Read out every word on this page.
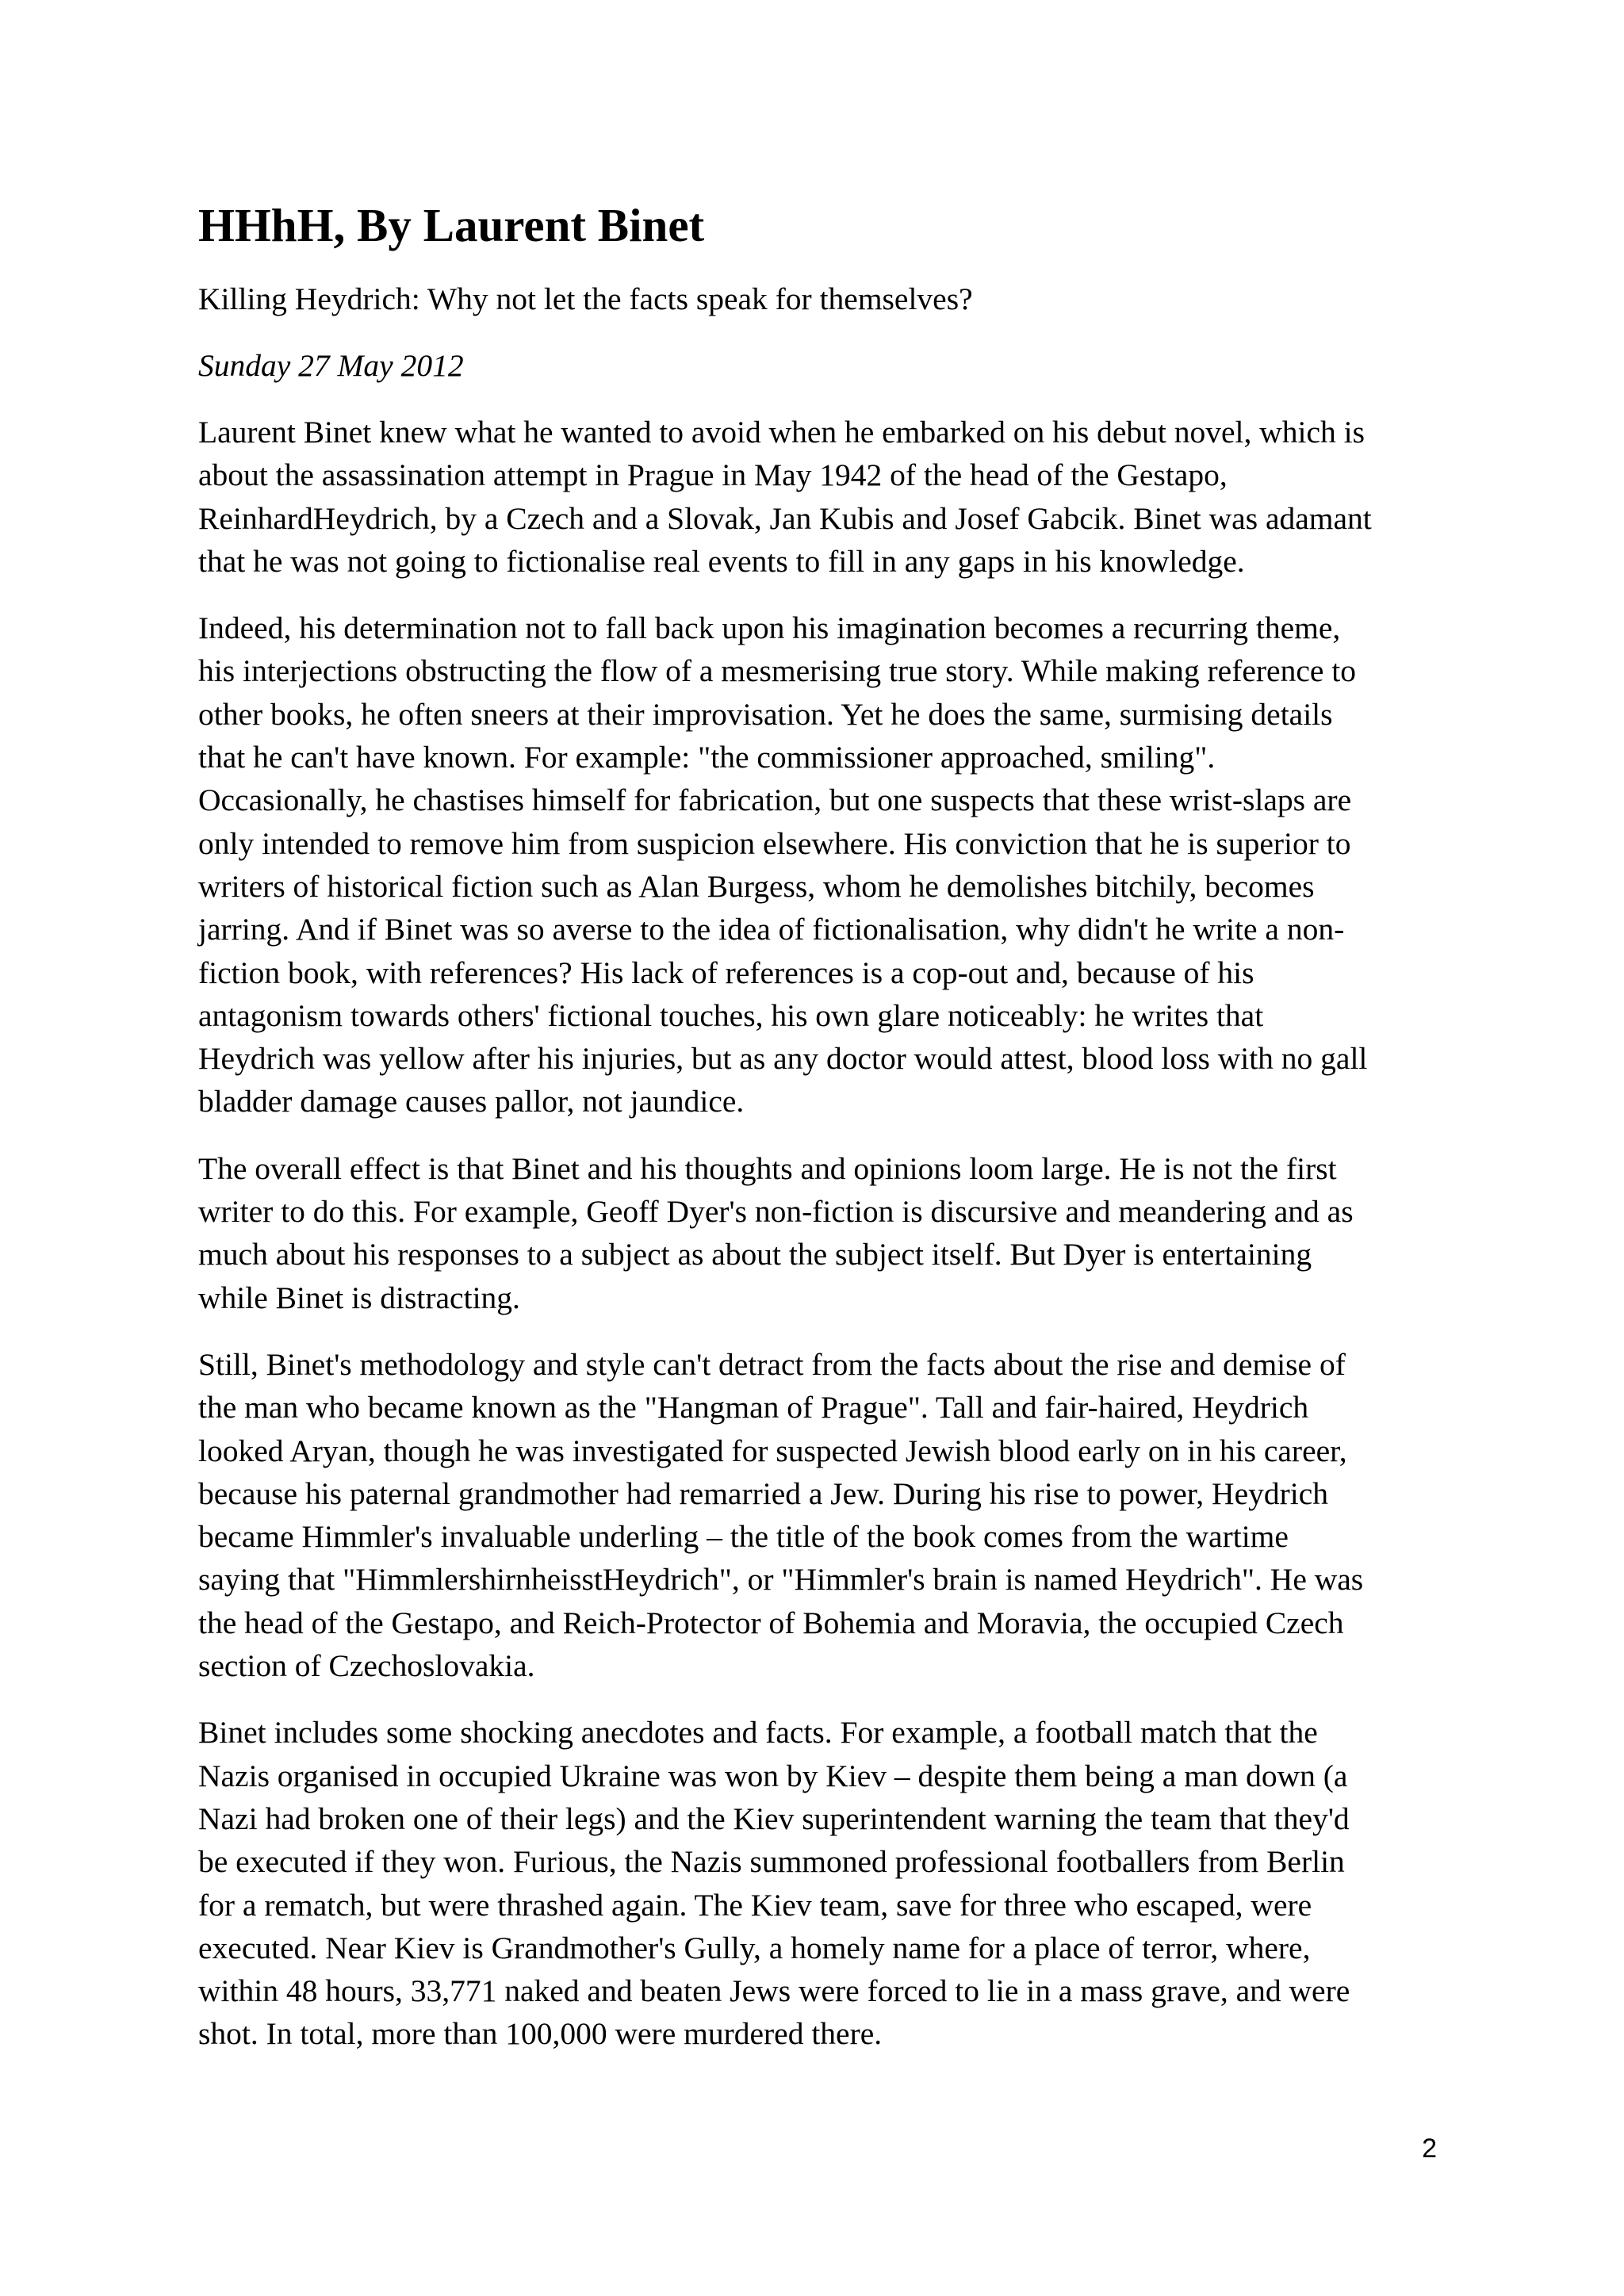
HHhH, By Laurent Binet

Killing Heydrich: Why not let the facts speak for themselves?

Sunday 27 May 2012

Laurent Binet knew what he wanted to avoid when he embarked on his debut novel, which is
about the assassination attempt in Prague in May 1942 of the head of the Gestapo,
ReinhardHeydrich, by a Czech and a Slovak, Jan Kubis and Josef Gabcik. Binet was adamant
that he was not going to fictionalise real events to fill in any gaps in his knowledge.

Indeed, his determination not to fall back upon his imagination becomes a recurring theme,
his interjections obstructing the flow of a mesmerising true story. While making reference to
other books, he often sneers at their improvisation. Yet he does the same, surmising details
that he can't have known. For example: "the commissioner approached, smiling".
Occasionally, he chastises himself for fabrication, but one suspects that these wrist-slaps are
only intended to remove him from suspicion elsewhere. His conviction that he is superior to
writers of historical fiction such as Alan Burgess, whom he demolishes bitchily, becomes
jarring. And if Binet was so averse to the idea of fictionalisation, why didn't he write a non-
fiction book, with references? His lack of references is a cop-out and, because of his
antagonism towards others' fictional touches, his own glare noticeably: he writes that
Heydrich was yellow after his injuries, but as any doctor would attest, blood loss with no gall
bladder damage causes pallor, not jaundice.

The overall effect is that Binet and his thoughts and opinions loom large. He is not the first
writer to do this. For example, Geoff Dyer's non-fiction is discursive and meandering and as
much about his responses to a subject as about the subject itself. But Dyer is entertaining
while Binet is distracting.

Still, Binet's methodology and style can't detract from the facts about the rise and demise of
the man who became known as the "Hangman of Prague". Tall and fair-haired, Heydrich
looked Aryan, though he was investigated for suspected Jewish blood early on in his career,
because his paternal grandmother had remarried a Jew. During his rise to power, Heydrich
became Himmler's invaluable underling – the title of the book comes from the wartime
saying that "HimmlershirnheisstHeydrich", or "Himmler's brain is named Heydrich". He was
the head of the Gestapo, and Reich-Protector of Bohemia and Moravia, the occupied Czech
section of Czechoslovakia.

Binet includes some shocking anecdotes and facts. For example, a football match that the
Nazis organised in occupied Ukraine was won by Kiev – despite them being a man down (a
Nazi had broken one of their legs) and the Kiev superintendent warning the team that they'd
be executed if they won. Furious, the Nazis summoned professional footballers from Berlin
for a rematch, but were thrashed again. The Kiev team, save for three who escaped, were
executed. Near Kiev is Grandmother's Gully, a homely name for a place of terror, where,
within 48 hours, 33,771 naked and beaten Jews were forced to lie in a mass grave, and were
shot. In total, more than 100,000 were murdered there.

2
